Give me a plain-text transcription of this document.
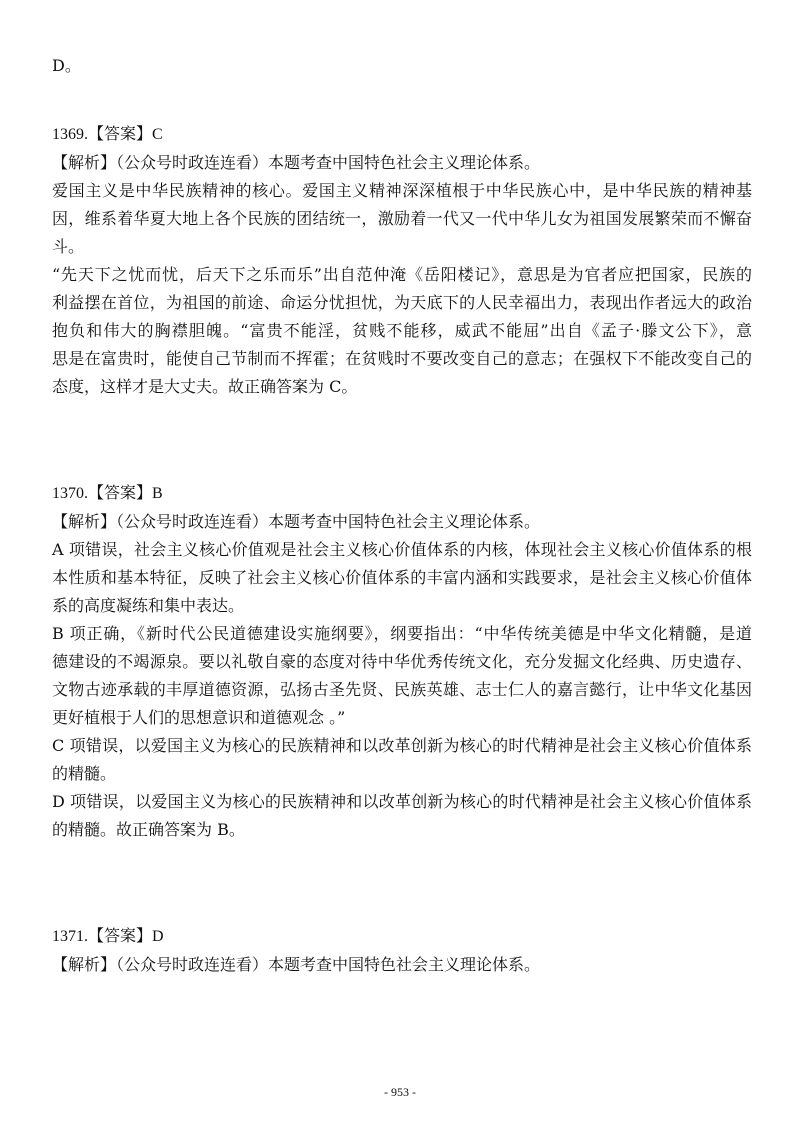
D。
1369.【答案】C
【解析】（公众号时政连连看）本题考查中国特色社会主义理论体系。
爱国主义是中华民族精神的核心。爱国主义精神深深植根于中华民族心中，是中华民族的精神基
因，维系着华夏大地上各个民族的团结统一，激励着一代又一代中华儿女为祖国发展繁荣而不懈奋
斗。
“先天下之忧而忧，后天下之乐而乐”出自范仲淹《岳阳楼记》，意思是为官者应把国家，民族的
利益摆在首位，为祖国的前途、命运分忧担忧，为天底下的人民幸福出力，表现出作者远大的政治
抱负和伟大的胸襟胆魄。“富贵不能淫，贫贱不能移，威武不能屈”出自《孟子·滕文公下》，意
思是在富贵时，能使自己节制而不挥霍；在贫贱时不要改变自己的意志；在强权下不能改变自己的
态度，这样才是大丈夫。故正确答案为 C。
1370.【答案】B
【解析】（公众号时政连连看）本题考查中国特色社会主义理论体系。
A 项错误，社会主义核心价值观是社会主义核心价值体系的内核，体现社会主义核心价值体系的根
本性质和基本特征，反映了社会主义核心价值体系的丰富内涵和实践要求，是社会主义核心价值体
系的高度凝练和集中表达。
B 项正确，《新时代公民道德建设实施纲要》，纲要指出：“中华传统美德是中华文化精髓，是道
德建设的不竭源泉。要以礼敬自豪的态度对待中华优秀传统文化，充分发掘文化经典、历史遗存、
文物古迹承载的丰厚道德资源，弘扬古圣先贤、民族英雄、志士仁人的嘉言懿行，让中华文化基因
更好植根于人们的思想意识和道德观念 。”
C 项错误，以爱国主义为核心的民族精神和以改革创新为核心的时代精神是社会主义核心价值体系
的精髓。
D 项错误，以爱国主义为核心的民族精神和以改革创新为核心的时代精神是社会主义核心价值体系
的精髓。故正确答案为 B。
1371.【答案】D
【解析】（公众号时政连连看）本题考查中国特色社会主义理论体系。
- 953 -
